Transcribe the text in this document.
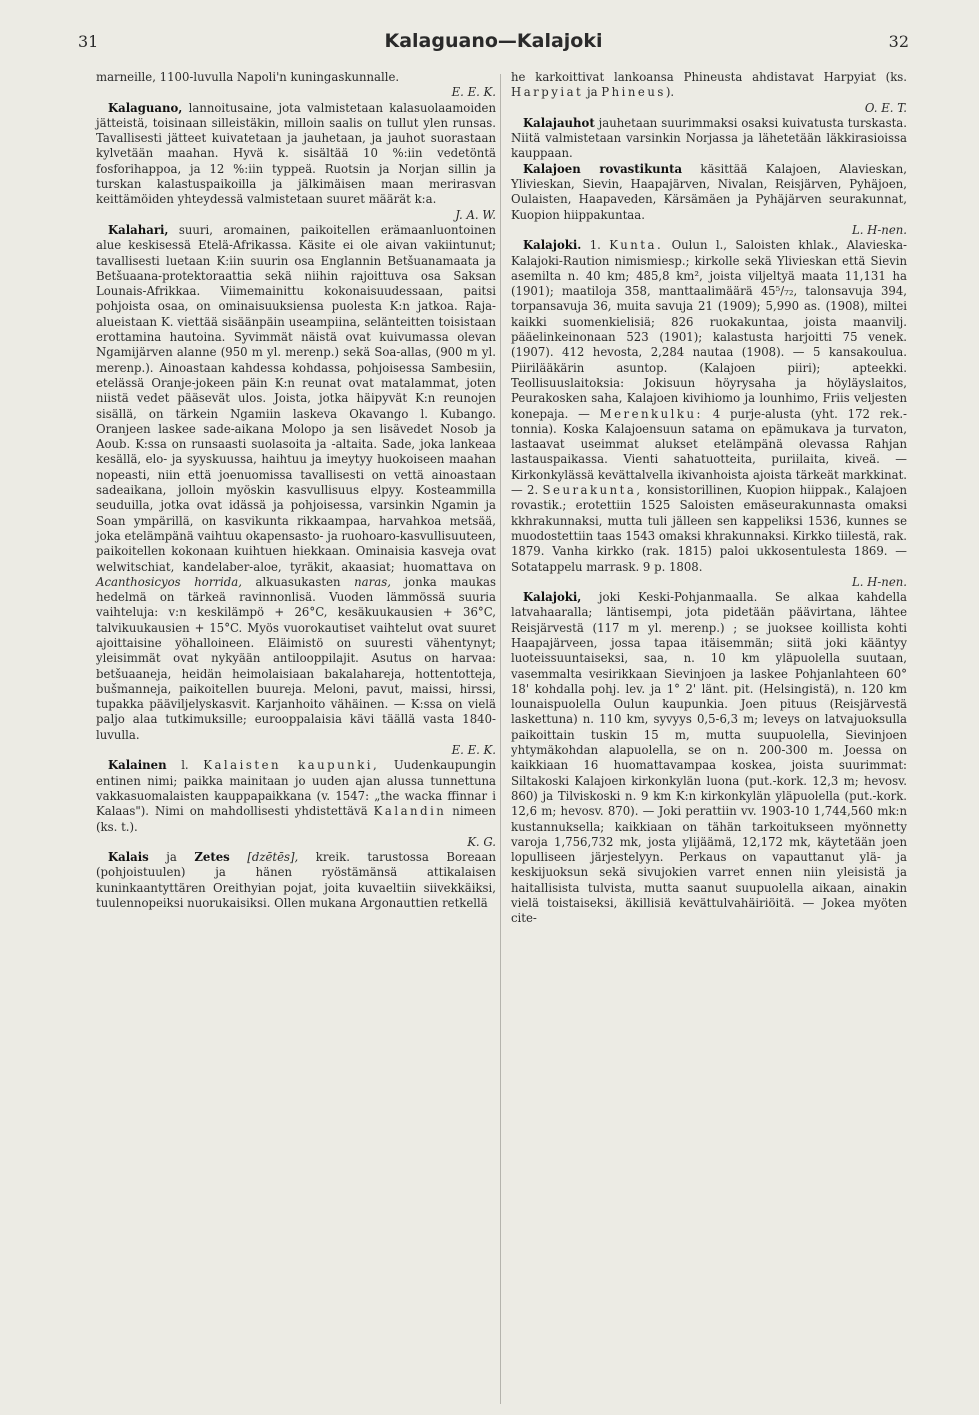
31	Kalaguano—Kalajoki	32

marneille, 1100-luvulla Napoli'n kuningaskunnalle.

E. E. K.

Kalaguano, lannoitusaine, jota valmistetaan kalasuolaamoiden jätteistä, toisinaan silleistäkin, milloin saalis on tullut ylen runsas. Tavallisesti jätteet kuivatetaan ja jauhetaan, ja jauhot suorastaan kylvetään maahan. Hyvä k. sisältää 10 %:iin vedetöntä fosforihappoa, ja 12 %:iin typpeä. Ruotsin ja Norjan sillin ja turskan kalastuspaikoilla ja jälkimäisen maan merirasvan keittämöiden yhteydessä valmistetaan suuret määrät k:a.

J. A. W.

Kalahari, suuri, aromainen, paikoitellen erämaanluontoinen alue keskisessä Etelä-Afrikassa. Käsite ei ole aivan vakiintunut; tavallisesti luetaan K:iin suurin osa Englannin Betšuanamaata ja Betšuaana-protektoraattia sekä niihin rajoittuva osa Saksan Lounais-Afrikkaa. Viimemainittu kokonaisuudessaan, paitsi pohjoista osaa, on ominaisuuksiensa puolesta K:n jatkoa. Raja-alueistaan K. viettää sisäänpäin useampiina, selänteitten toisistaan erottamina hautoina. Syvimmät näistä ovat kuivumassa olevan Ngamijärven alanne (950 m yl. merenp.) sekä Soa-allas, (900 m yl. merenp.). Ainoastaan kahdessa kohdassa, pohjoisessa Sambesiin, etelässä Oranje-jokeen päin K:n reunat ovat matalammat, joten niistä vedet pääsevät ulos. Joista, jotka häipyvät K:n reunojen sisällä, on tärkein Ngamiin laskeva Okavango l. Kubango. Oranjeen laskee sade-aikana Molopo ja sen lisävedet Nosob ja Aoub. K:ssa on runsaasti suolasoita ja -altaita. Sade, joka lankeaa kesällä, elo- ja syyskuussa, haihtuu ja imeytyy huokoiseen maahan nopeasti, niin että joenuomissa tavallisesti on vettä ainoastaan sadeaikana, jolloin myöskin kasvullisuus elpyy. Kosteammilla seuduilla, jotka ovat idässä ja pohjoisessa, varsinkin Ngamin ja Soan ympärillä, on kasvikunta rikkaampaa, harvahkoa metsää, joka etelämpänä vaihtuu okapensasto- ja ruohoaro-kasvullisuuteen, paikoitellen kokonaan kuihtuen hiekkaan. Ominaisia kasveja ovat welwitschiat, kandelaber-aloe, tyräkit, akaasiat; huomattava on Acanthosicyos horrida, alkuasukasten naras, jonka maukas hedelmä on tärkeä ravinnonlisä. Vuoden lämmössä suuria vaihteluja: v:n keskilämpö + 26°C, kesäkuukausien + 36°C, talvikuukausien + 15°C. Myös vuorokautiset vaihtelut ovat suuret ajoittaisine yöhalloineen. Eläimistö on suuresti vähentynyt; yleisimmät ovat nykyään antilooppilajit. Asutus on harvaa: betšuaaneja, heidän heimolaisiaan bakalahareja, hottentotteja, bušmanneja, paikoitellen buureja. Meloni, pavut, maissi, hirssi, tupakka pääviljelyskasvit. Karjanhoito vähäinen. — K:ssa on vielä paljo alaa tutkimuksille; eurooppalaisia kävi täällä vasta 1840-luvulla.

E. E. K.

Kalainen l. Kalaisten kaupunki, Uudenkaupungin entinen nimi; paikka mainitaan jo uuden ajan alussa tunnettuna vakkasuomalaisten kauppapaikkana (v. 1547: „the wacka ffinnar i Kalaas"). Nimi on mahdollisesti yhdistettävä Kalandin nimeen (ks. t.).

K. G.

Kalais ja Zetes [dzētēs], kreik. tarustossa Boreaan (pohjoistuulen) ja hänen ryöstämänsä attikalaisen kuninkaantyttären Oreithyian pojat, joita kuvaeltiin siivekkäiksi, tuulennopeiksi nuorukaisiksi. Ollen mukana Argonauttien retkellä

he karkoittivat lankoansa Phineusta ahdistavat Harpyiat (ks. Harpyiat ja Phineus).

O. E. T.

Kalajauhot jauhetaan suurimmaksi osaksi kuivatusta turskasta. Niitä valmistetaan varsinkin Norjassa ja lähetetään läkkirasioissa kauppaan.

Kalajoen rovastikunta käsittää Kalajoen, Alavieskan, Ylivieskan, Sievin, Haapajärven, Nivalan, Reisjärven, Pyhäjoen, Oulaisten, Haapaveden, Kärsämäen ja Pyhäjärven seurakunnat, Kuopion hiippakuntaa.

L. H-nen.

Kalajoki. 1. Kunta. Oulun l., Saloisten khlak., Alavieska-Kalajoki-Raution nimismiesp.; kirkolle sekä Ylivieskan että Sievin asemilta n. 40 km; 485,8 km², joista viljeltyä maata 11,131 ha (1901); maatiloja 358, manttaalimäärä 45⁵/₇₂, talonsavuja 394, torpansavuja 36, muita savuja 21 (1909); 5,990 as. (1908), miltei kaikki suomenkielisiä; 826 ruokakuntaa, joista maanvilj. pääelinkeinonaan 523 (1901); kalastusta harjoitti 75 venek. (1907). 412 hevosta, 2,284 nautaa (1908). — 5 kansakoulua. Piirilääkärin asuntop. (Kalajoen piiri); apteekki. Teollisuuslaitoksia: Jokisuun höyrysaha ja höyläyslaitos, Peurakosken saha, Kalajoen kivihiomo ja lounhimo, Friis veljesten konepaja. — Merenkulku: 4 purje-alusta (yht. 172 rek.-tonnia). Koska Kalajoensuun satama on epämukava ja turvaton, lastaavat useimmat alukset etelämpänä olevassa Rahjan lastauspaikassa. Vienti sahatuotteita, puriilaita, kiveä. —Kirkonkylässä kevättalvella ikivanhoista ajoista tärkeät markkinat. — 2. Seurakunta, konsistorillinen, Kuopion hiippak., Kalajoen rovastik.; erotettiin 1525 Saloisten emäseurakunnasta omaksi kkhrakunnaksi, mutta tuli jälleen sen kappeliksi 1536, kunnes se muodostettiin taas 1543 omaksi khrakunnaksi. Kirkko tiilestä, rak. 1879. Vanha kirkko (rak. 1815) paloi ukkosentulesta 1869. — Sotatappelu marrask. 9 p. 1808.

L. H-nen.

Kalajoki, joki Keski-Pohjanmaalla. Se alkaa kahdella latvahaaralla; läntisempi, jota pidetään päävirtana, lähtee Reisjärvestä (117 m yl. merenp.) ; se juoksee koillista kohti Haapajärveen, jossa tapaa itäisemmän; siitä joki kääntyy luoteissuuntaiseksi, saa, n. 10 km yläpuolella suutaan, vasemmalta vesirikkaan Sievinjoen ja laskee Pohjanlahteen 60° 18' kohdalla pohj. lev. ja 1° 2' länt. pit. (Helsingistä), n. 120 km lounaispuolella Oulun kaupunkia. Joen pituus (Reisjärvestä laskettuna) n. 110 km, syvyys 0,5-6,3 m; leveys on latvajuoksulla paikoittain tuskin 15 m, mutta suupuolella, Sievinjoen yhtymäkohdan alapuolella, se on n. 200-300 m. Joessa on kaikkiaan 16 huomattavampaa koskea, joista suurimmat: Siltakoski Kalajoen kirkonkylän luona (put.-kork. 12,3 m; hevosv. 860) ja Tilviskoski n. 9 km K:n kirkonkylän yläpuolella (put.-kork. 12,6 m; hevosv. 870). — Joki perattiin vv. 1903-10 1,744,560 mk:n kustannuksella; kaikkiaan on tähän tarkoitukseen myönnetty varoja 1,756,732 mk, josta ylijäämä, 12,172 mk, käytetään joen lopulliseen järjestelyyn. Perkaus on vapauttanut ylä- ja keskijuoksun sekä sivujokien varret ennen niin yleisistä ja haitallisista tulvista, mutta saanut suupuolella aikaan, ainakin vielä toistaiseksi, äkillisiä kevättulvahäiriöitä. — Jokea myöten cite-
